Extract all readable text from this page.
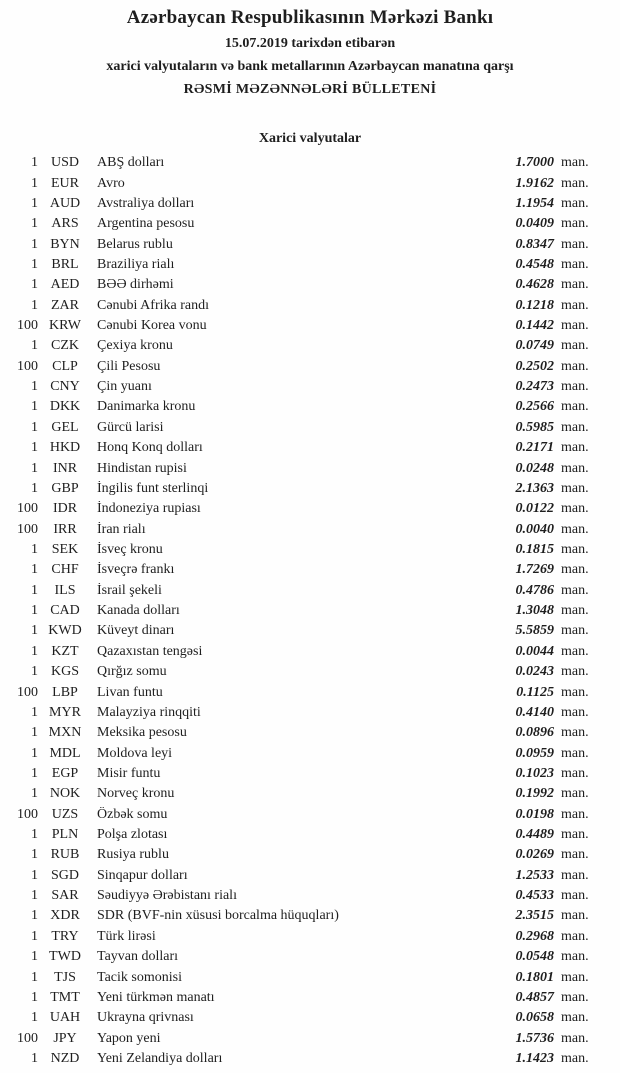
Azərbaycan Respublikasının Mərkəzi Bankı
15.07.2019 tarixdən etibarən
xarici valyutaların və bank metallarının Azərbaycan manatına qarşı
RƏSMİ MƏZƏNNƏLƏRİ BÜLLETENİ
Xarici valyutalar
1 USD	ABŞ dolları	1.7000 man.
1 EUR	Avro	1.9162 man.
1 AUD	Avstraliya dolları	1.1954 man.
1 ARS	Argentina pesosu	0.0409 man.
1 BYN	Belarus rublu	0.8347 man.
1 BRL	Braziliya rialı	0.4548 man.
1 AED	BƏƏ dirhəmi	0.4628 man.
1 ZAR	Cənubi Afrika randı	0.1218 man.
100 KRW	Cənubi Korea vonu	0.1442 man.
1 CZK	Çexiya kronu	0.0749 man.
100	CLP	Çili Pesosu	0.2502 man.
1 CNY	Çin yuanı	0.2473 man.
1 DKK	Danimarka kronu	0.2566 man.
1 GEL	Gürcü larisi	0.5985 man.
1 HKD	Honq Konq dolları	0.2171 man.
1	INR	Hindistan rupisi	0.0248 man.
1 GBP	İngilis funt sterlinqi	2.1363 man.
100	IDR	İndoneziya rupiası	0.0122 man.
100	IRR	İran rialı	0.0040 man.
1 SEK	İsveç kronu	0.1815 man.
1 CHF	İsveçrə frankı	1.7269 man.
1	ILS	İsrail şekeli	0.4786 man.
1 CAD	Kanada dolları	1.3048 man.
1 KWD	Küveyt dinarı	5.5859 man.
1 KZT	Qazaxıstan tengəsi	0.0044 man.
1 KGS	Qırğız somu	0.0243 man.
100	LBP	Livan funtu	0.1125 man.
1 MYR	Malayziya rinqqiti	0.4140 man.
1 MXN	Meksika pesosu	0.0896 man.
1 MDL	Moldova leyi	0.0959 man.
1 EGP	Misir funtu	0.1023 man.
1 NOK	Norveç kronu	0.1992 man.
100 UZS	Özbək somu	0.0198 man.
1 PLN	Polşa zlotası	0.4489 man.
1 RUB	Rusiya rublu	0.0269 man.
1 SGD	Sinqapur dolları	1.2533 man.
1 SAR	Səudiyyə Ərəbistanı rialı	0.4533 man.
1 XDR	SDR (BVF-nin xüsusi borcalma hüquqları)	2.3515 man.
1 TRY	Türk lirəsi	0.2968 man.
1 TWD	Tayvan dolları	0.0548 man.
1	TJS	Tacik somonisi	0.1801 man.
1 TMT	Yeni türkmən manatı	0.4857 man.
1 UAH	Ukrayna qrivnası	0.0658 man.
100	JPY	Yapon yeni	1.5736 man.
1 NZD	Yeni Zelandiya dolları	1.1423 man.
